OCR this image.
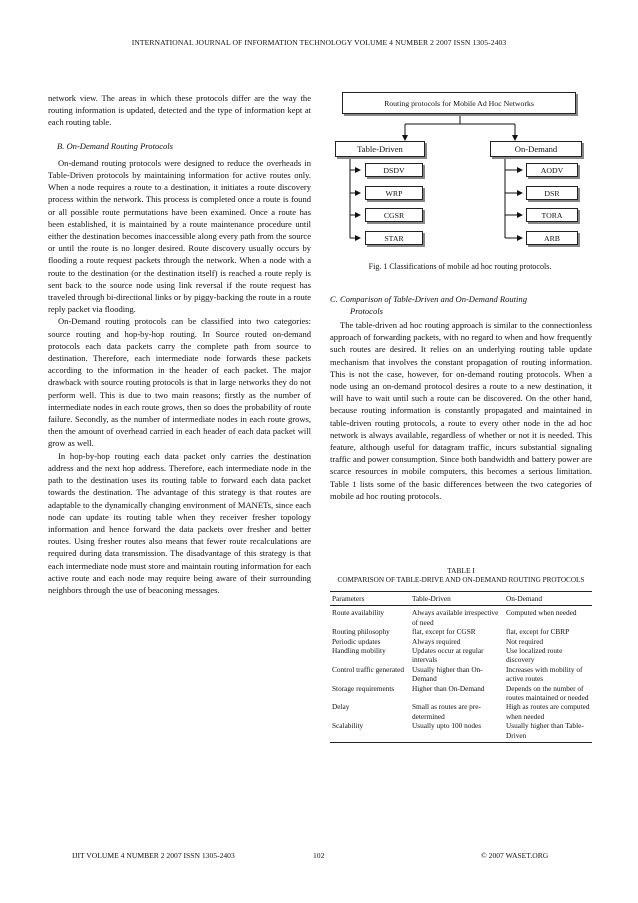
INTERNATIONAL JOURNAL OF INFORMATION TECHNOLOGY VOLUME 4 NUMBER 2 2007 ISSN 1305-2403

network view. The areas in which these protocols differ are the way the routing information is updated, detected and the type of information kept at each routing table.

B. On-Demand Routing Protocols

On-demand routing protocols were designed to reduce the overheads in Table-Driven protocols by maintaining information for active routes only. When a node requires a route to a destination, it initiates a route discovery process within the network. This process is completed once a route is found or all possible route permutations have been examined. Once a route has been established, it is maintained by a route maintenance procedure until either the destination becomes inaccessible along every path from the source or until the route is no longer desired. Route discovery usually occurs by flooding a route request packets through the network. When a node with a route to the destination (or the destination itself) is reached a route reply is sent back to the source node using link reversal if the route request has traveled through bi-directional links or by piggy-backing the route in a route reply packet via flooding.

On-Demand routing protocols can be classified into two categories: source routing and hop-by-hop routing. In Source routed on-demand protocols each data packets carry the complete path from source to destination. Therefore, each intermediate node forwards these packets according to the information in the header of each packet. The major drawback with source routing protocols is that in large networks they do not perform well. This is due to two main reasons; firstly as the number of intermediate nodes in each route grows, then so does the probability of route failure. Secondly, as the number of intermediate nodes in each route grows, then the amount of overhead carried in each header of each data packet will grow as well.

In hop-by-hop routing each data packet only carries the destination address and the next hop address. Therefore, each intermediate node in the path to the destination uses its routing table to forward each data packet towards the destination. The advantage of this strategy is that routes are adaptable to the dynamically changing environment of MANETs, since each node can update its routing table when they receiver fresher topology information and hence forward the data packets over fresher and better routes. Using fresher routes also means that fewer route recalculations are required during data transmission. The disadvantage of this strategy is that each intermediate node must store and maintain routing information for each active route and each node may require being aware of their surrounding neighbors through the use of beaconing messages.

Routing protocols for Mobile Ad Hoc Networks
Table-Driven	On-Demand
DSDV
WRP
CGSR
STAR
AODV
DSR
TORA
ARB
Fig. 1 Classifications of mobile ad hoc routing protocols.

C. Comparison of Table-Driven and On-Demand Routing

Protocols

The table-driven ad hoc routing approach is similar to the connectionless approach of forwarding packets, with no regard to when and how frequently such routes are desired. It relies on an underlying routing table update mechanism that involves the constant propagation of routing information. This is not the case, however, for on-demand routing protocols. When a node using an on-demand protocol desires a route to a new destination, it will have to wait until such a route can be discovered. On the other hand, because routing information is constantly propagated and maintained in table-driven routing protocols, a route to every other node in the ad hoc network is always available, regardless of whether or not it is needed. This feature, although useful for datagram traffic, incurs substantial signaling traffic and power consumption. Since both bandwidth and battery power are scarce resources in mobile computers, this becomes a serious limitation. Table 1 lists some of the basic differences between the two categories of mobile ad hoc routing protocols.

TABLE I
COMPARISON OF TABLE-DRIVE AND ON-DEMAND ROUTING PROTOCOLS
Parameters	Table-Driven	On-Demand
Route availability	Always available irrespective of need	Computed when needed
Routing philosophy	flat, except for CGSR	flat, except for CBRP
Periodic updates	Always required	Not required
Handling mobility	Updates occur at regular intervals	Use localized route discovery
Control traffic generated	Usually higher than On-Demand	Increases with mobility of active routes
Storage requirements	Higher than On-Demand	Depends on the number of routes maintained or needed
Delay	Small as routes are pre-determined	High as routes are computed when needed
Scalability	Usually upto 100 nodes	Usually higher than Table-Driven
IJIT VOLUME 4 NUMBER 2 2007 ISSN 1305-2403	102	© 2007 WASET.ORG
